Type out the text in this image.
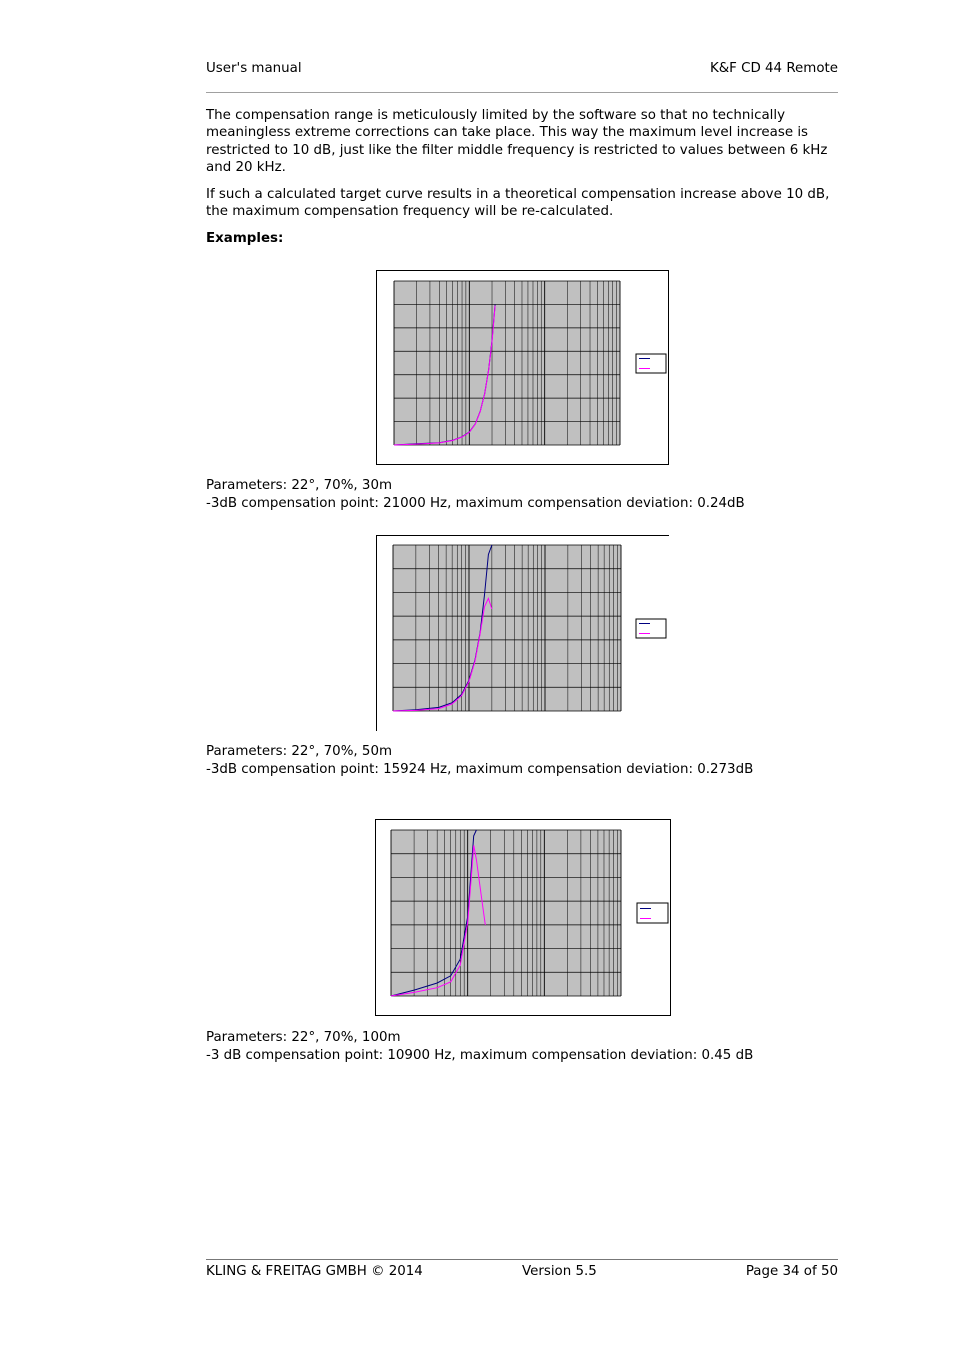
User's manual	K&F CD 44 Remote
The compensation range is meticulously limited by the software so that no technically meaningless extreme corrections can take place. This way the maximum level increase is restricted to 10 dB, just like the filter middle frequency is restricted to values between 6 kHz and 20 kHz.
If such a calculated target curve results in a theoretical compensation increase above 10 dB, the maximum compensation frequency will be re-calculated.
Examples:
Parameters: 22°, 70%, 30m
-3dB compensation point: 21000 Hz, maximum compensation deviation: 0.24dB
Parameters: 22°, 70%, 50m
-3dB compensation point: 15924 Hz, maximum compensation deviation: 0.273dB
Parameters: 22°, 70%, 100m
-3 dB compensation point: 10900 Hz, maximum compensation deviation: 0.45 dB
KLING & FREITAG GMBH © 2014	Version 5.5	Page 34 of 50
